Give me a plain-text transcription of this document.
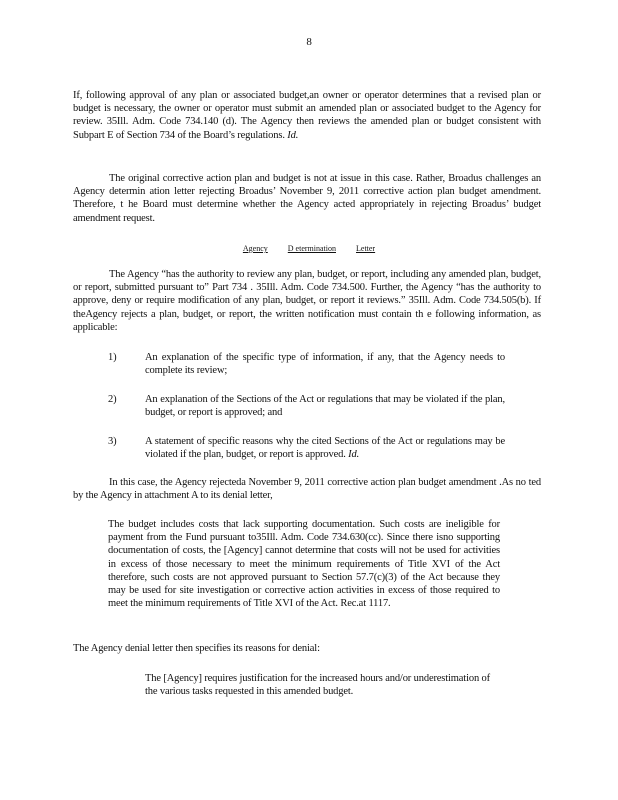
8

If, following approval of any plan or associated budget,an owner or operator determines that a revised plan or budget is necessary, the owner or operator must submit an amended plan or associated budget to the Agency for review. 35Ill. Adm. Code 734.140 (d). The Agency then reviews the amended plan or budget consistent with Subpart E of Section 734 of the Board’s regulations. Id.

The original corrective action plan and budget is not at issue in this case. Rather, Broadus challenges an Agency determin ation letter rejecting Broadus’ November 9, 2011 corrective action plan budget amendment. Therefore, t he Board must determine whether the Agency acted appropriately in rejecting Broadus’ budget amendment request.

Agency	D etermination	Letter

The Agency “has the authority to review any plan, budget, or report, including any amended plan, budget, or report, submitted pursuant to” Part 734 . 35Ill. Adm. Code 734.500. Further, the Agency “has the authority to approve, deny or require modification of any plan, budget, or report it reviews.” 35Ill. Adm. Code 734.505(b). If theAgency rejects a plan, budget, or report, the written notification must contain th e following information, as applicable:

1)	An explanation of the specific type of information, if any, that the Agency needs to complete its review;
2)	An explanation of the Sections of the Act or regulations that may be violated if the plan, budget, or report is approved; and
3)	A statement of specific reasons why the cited Sections of the Act or regulations may be violated if the plan, budget, or report is approved. Id.

In this case, the Agency rejecteda November 9, 2011 corrective action plan budget amendment .As no ted by the Agency in attachment A to its denial letter,

The budget includes costs that lack supporting documentation. Such costs are ineligible for payment from the Fund pursuant to35Ill. Adm. Code 734.630(cc). Since there isno supporting documentation of costs, the [Agency] cannot determine that costs will not be used for activities in excess of those necessary to meet the minimum requirements of Title XVI of the Act therefore, such costs are not approved pursuant to Section 57.7(c)(3) of the Act because they may be used for site investigation or corrective action activities in excess of those required to meet the minimum requirements of Title XVI of the Act. Rec.at 1117.

The Agency denial letter then specifies its reasons for denial:

The [Agency] requires justification for the increased hours and/or underestimation of the various tasks requested in this amended budget.
